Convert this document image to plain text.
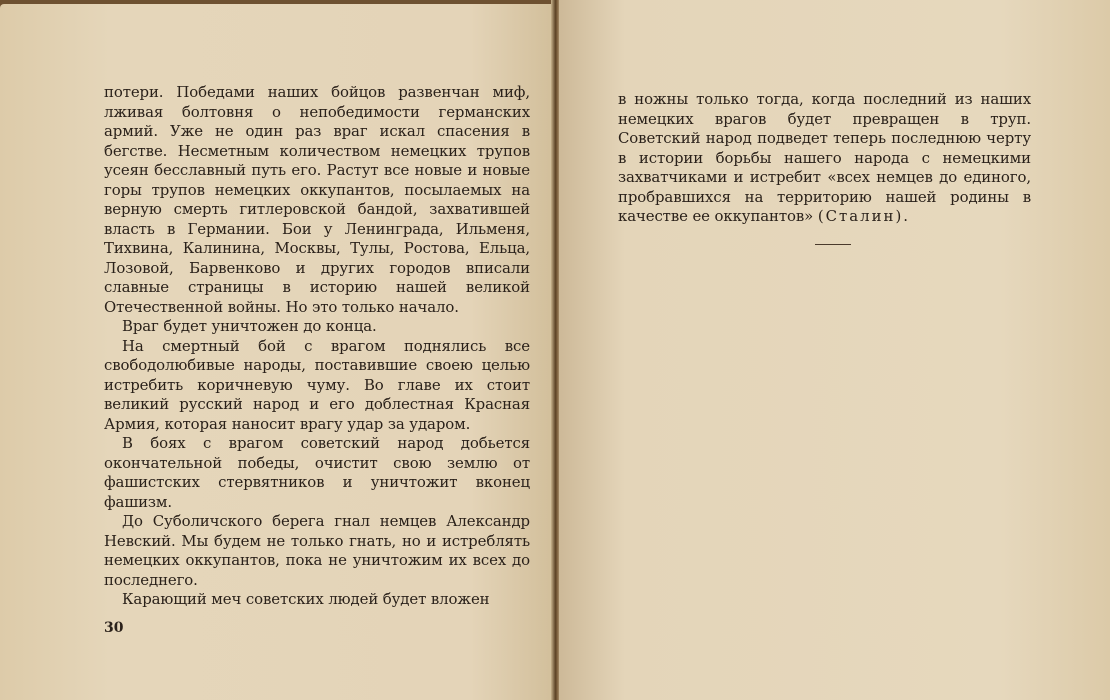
потери. Победами наших бойцов развенчан миф, лживая болтовня о непобедимости германских армий. Уже не один раз враг искал спасения в бегстве. Несметным количеством немецких трупов усеян бесславный путь его. Растут все новые и новые горы трупов немецких оккупантов, посылаемых на верную смерть гитлеровской бандой, захватившей власть в Германии. Бои у Ленинграда, Ильменя, Тихвина, Калинина, Москвы, Тулы, Ростова, Ельца, Лозовой, Барвенково и других городов вписали славные страницы в историю нашей великой Отечественной войны. Но это только начало.

Враг будет уничтожен до конца.

На смертный бой с врагом поднялись все свободолюбивые народы, поставившие своею целью истребить коричневую чуму. Во главе их стоит великий русский народ и его доблестная Красная Армия, которая наносит врагу удар за ударом.

В боях с врагом советский народ добьется окончательной победы, очистит свою землю от фашистских стервятников и уничтожит вконец фашизм.

До Суболичского берега гнал немцев Александр Невский. Мы будем не только гнать, но и истреблять немецких оккупантов, пока не уничтожим их всех до последнего.

Карающий меч советских людей будет вложен

30

в ножны только тогда, когда последний из наших немецких врагов будет превращен в труп. Советский народ подведет теперь последнюю черту в истории борьбы нашего народа с немецкими захватчиками и истребит «всех немцев до единого, пробравшихся на территорию нашей родины в качестве ее оккупантов» (Сталин).
